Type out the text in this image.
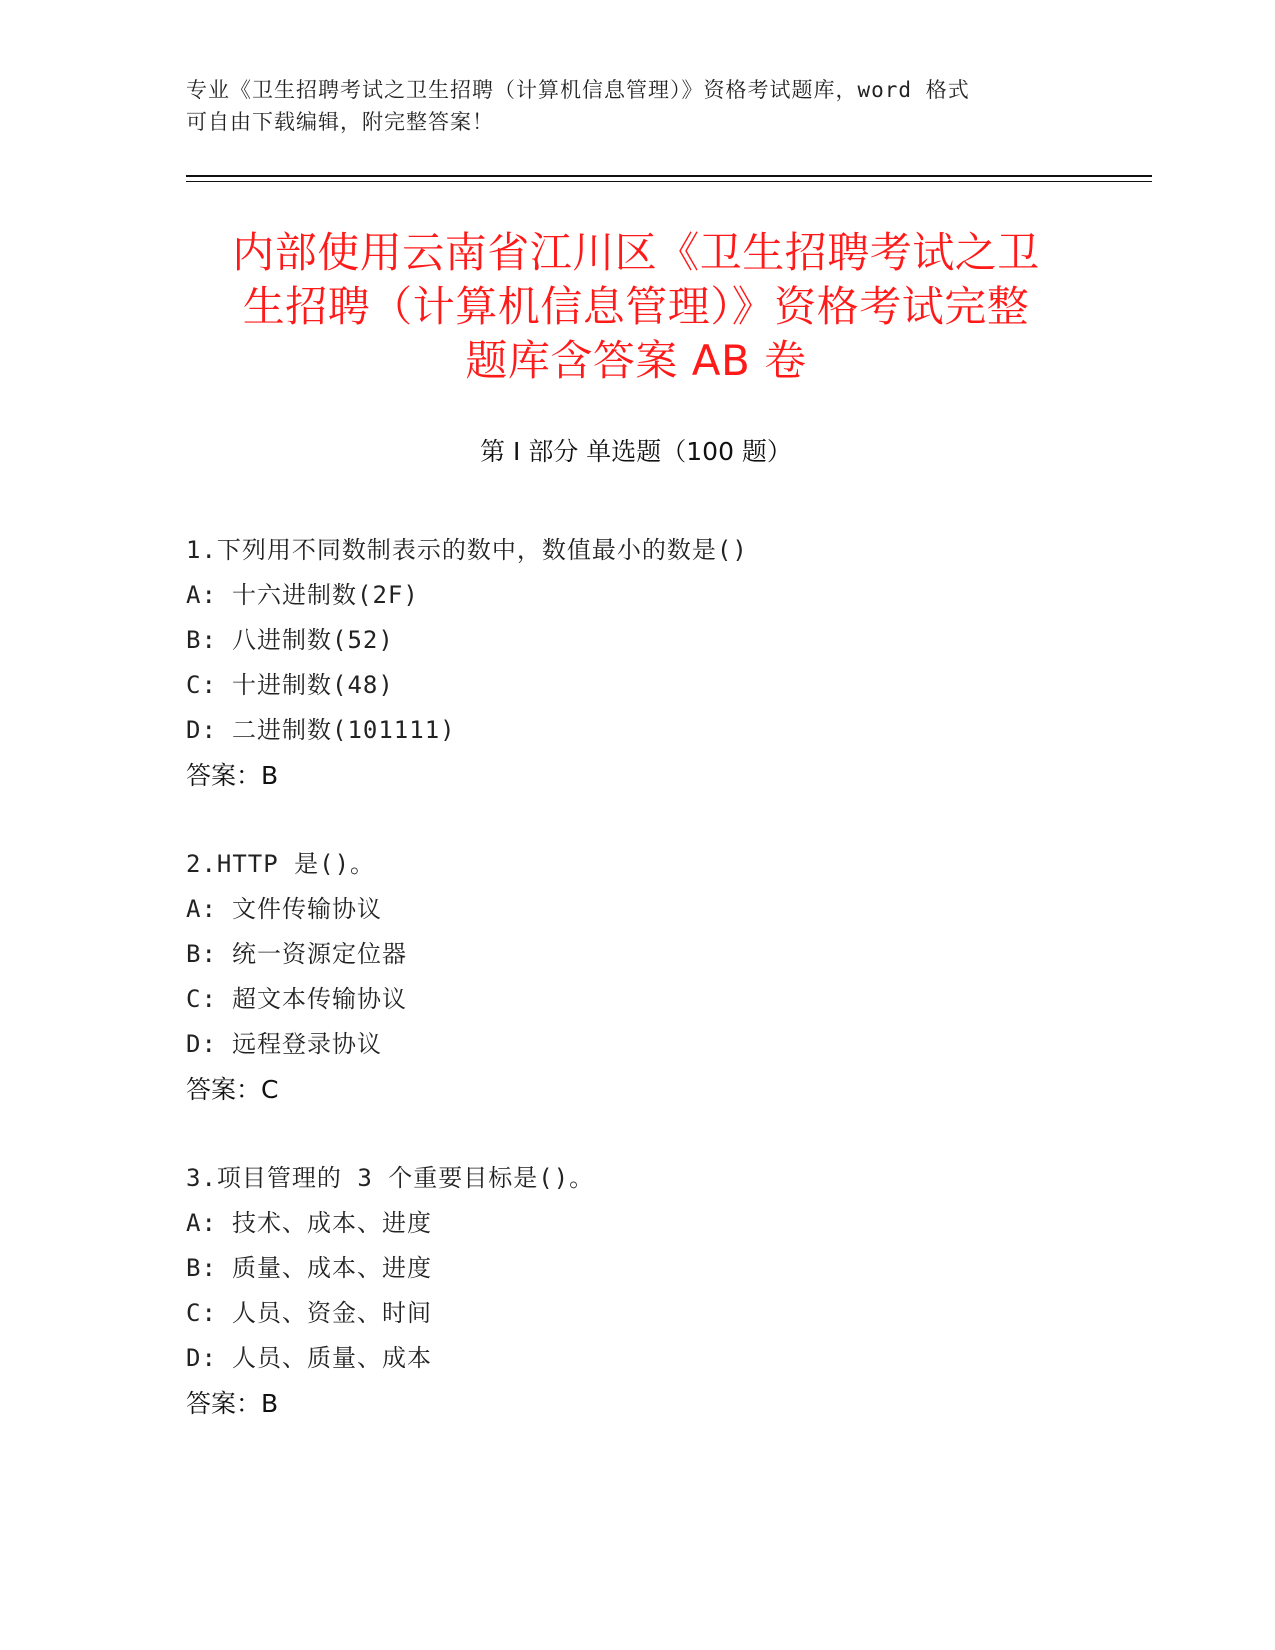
专业《卫生招聘考试之卫生招聘（计算机信息管理）》资格考试题库，word 格式
可自由下载编辑，附完整答案！
内部使用云南省江川区《卫生招聘考试之卫
生招聘（计算机信息管理）》资格考试完整
题库含答案 AB 卷
第 I 部分 单选题（100 题）
1.下列用不同数制表示的数中，数值最小的数是()
A: 十六进制数(2F)
B: 八进制数(52)
C: 十进制数(48)
D: 二进制数(101111)
答案：B
2.HTTP 是()。
A: 文件传输协议
B: 统一资源定位器
C: 超文本传输协议
D: 远程登录协议
答案：C
3.项目管理的 3 个重要目标是()。
A: 技术、成本、进度
B: 质量、成本、进度
C: 人员、资金、时间
D: 人员、质量、成本
答案：B
